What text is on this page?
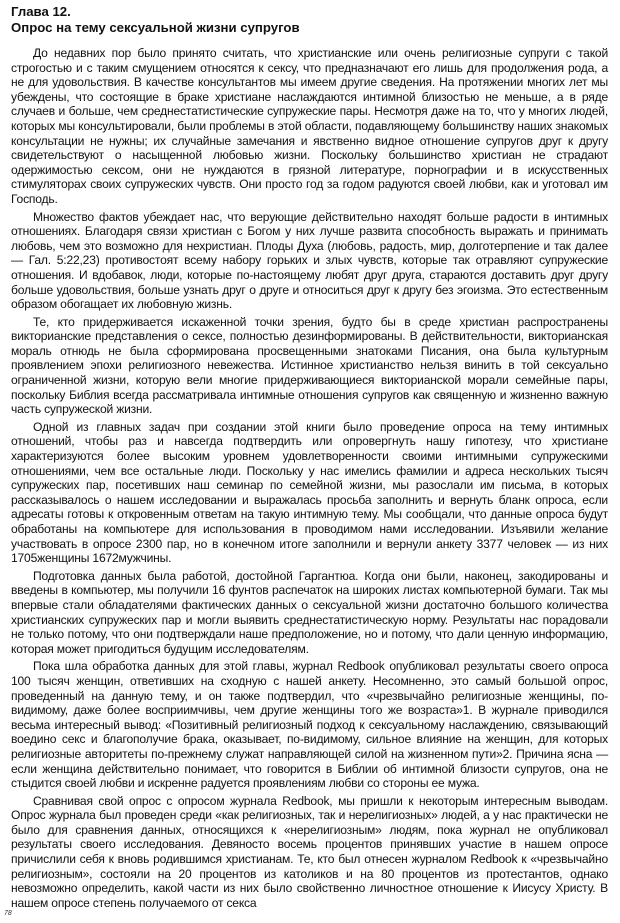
Глава 12.
Опрос на тему сексуальной жизни супругов

До недавних пор было принято считать, что христианские или очень религиозные супруги с такой строгостью и с таким смущением относятся к сексу, что предназначают его лишь для продолжения рода, а не для удовольствия. В качестве консультантов мы имеем другие сведения. На протяжении многих лет мы убеждены, что состоящие в браке христиане наслаждаются интимной близостью не меньше, а в ряде случаев и больше, чем среднестатистические супружеские пары. Несмотря даже на то, что у многих людей, которых мы консультировали, были проблемы в этой области, подавляющему большинству наших знакомых консультации не нужны; их случайные замечания и явственно видное отношение супругов друг к другу свидетельствуют о насыщенной любовью жизни. Поскольку большинство христиан не страдают одержимостью сексом, они не нуждаются в грязной литературе, порнографии и в искусственных стимуляторах своих супружеских чувств. Они просто год за годом радуются своей любви, как и уготовал им Господь.

Множество фактов убеждает нас, что верующие действительно находят больше радости в интимных отношениях. Благодаря связи христиан с Богом у них лучше развита способность выражать и принимать любовь, чем это возможно для нехристиан. Плоды Духа (любовь, радость, мир, долготерпение и так далее — Гал. 5:22,23) противостоят всему набору горьких и злых чувств, которые так отравляют супружеские отношения. И вдобавок, люди, которые по-настоящему любят друг друга, стараются доставить друг другу больше удовольствия, больше узнать друг о друге и относиться друг к другу без эгоизма. Это естественным образом обогащает их любовную жизнь.

Те, кто придерживается искаженной точки зрения, будто бы в среде христиан распространены викторианские представления о сексе, полностью дезинформированы. В действительности, викторианская мораль отнюдь не была сформирована просвещенными знатоками Писания, она была культурным проявлением эпохи религиозного невежества. Истинное христианство нельзя винить в той сексуально ограниченной жизни, которую вели многие придерживающиеся викторианской морали семейные пары, поскольку Библия всегда рассматривала интимные отношения супругов как священную и жизненно важную часть супружеской жизни.

Одной из главных задач при создании этой книги было проведение опроса на тему интимных отношений, чтобы раз и навсегда подтвердить или опровергнуть нашу гипотезу, что христиане характеризуются более высоким уровнем удовлетворенности своими интимными супружескими отношениями, чем все остальные люди. Поскольку у нас имелись фамилии и адреса нескольких тысяч супружеских пар, посетивших наш семинар по семейной жизни, мы разослали им письма, в которых рассказывалось о нашем исследовании и выражалась просьба заполнить и вернуть бланк опроса, если адресаты готовы к откровенным ответам на такую интимную тему. Мы сообщали, что данные опроса будут обработаны на компьютере для использования в проводимом нами исследовании. Изъявили желание участвовать в опросе 2300 пар, но в конечном итоге заполнили и вернули анкету 3377 человек — из них 1705женщины 1672мужчины.

Подготовка данных была работой, достойной Гаргантюа. Когда они были, наконец, закодированы и введены в компьютер, мы получили 16 фунтов распечаток на широких листах компьютерной бумаги. Так мы впервые стали обладателями фактических данных о сексуальной жизни достаточно большого количества христианских супружеских пар и могли выявить среднестатистическую норму. Результаты нас порадовали не только потому, что они подтверждали наше предположение, но и потому, что дали ценную информацию, которая может пригодиться будущим исследователям.

Пока шла обработка данных для этой главы, журнал Redbook опубликовал результаты своего опроса 100 тысяч женщин, ответивших на сходную с нашей анкету. Несомненно, это самый большой опрос, проведенный на данную тему, и он также подтвердил, что «чрезвычайно религиозные женщины, по-видимому, даже более восприимчивы, чем другие женщины того же возраста»1. В журнале приводился весьма интересный вывод: «Позитивный религиозный подход к сексуальному наслаждению, связывающий воедино секс и благополучие брака, оказывает, по-видимому, сильное влияние на женщин, для которых религиозные авторитеты по-прежнему служат направляющей силой на жизненном пути»2. Причина ясна — если женщина действительно понимает, что говорится в Библии об интимной близости супругов, она не стыдится своей любви и искренне радуется проявлениям любви со стороны ее мужа.

Сравнивая свой опрос с опросом журнала Redbook, мы пришли к некоторым интересным выводам. Опрос журнала был проведен среди «как религиозных, так и нерелигиозных» людей, а у нас практически не было для сравнения данных, относящихся к «нерелигиозным» людям, пока журнал не опубликовал результаты своего исследования. Девяносто восемь процентов принявших участие в нашем опросе причислили себя к вновь родившимся христианам. Те, кто был отнесен журналом Redbook к «чрезвычайно религиозным», состояли на 20 процентов из католиков и на 80 процентов из протестантов, однако невозможно определить, какой части из них было свойственно личностное отношение к Иисусу Христу. В нашем опросе степень получаемого от секса

78
